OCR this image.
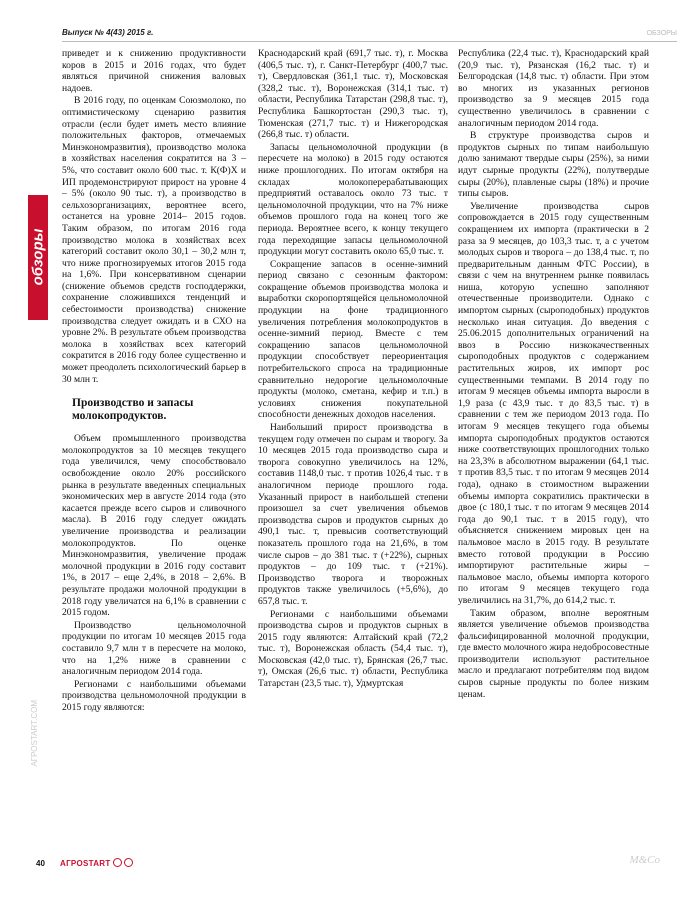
Выпуск № 4(43) 2015 г.	ОБЗОРЫ
обзоры
АГРОSTART.COM

приведет и к снижению продуктивности коров в 2015 и 2016 годах, что будет являться причиной снижения валовых надоев.

В 2016 году, по оценкам Союзмолоко, по оптимистическому сценарию развития отрасли (если будет иметь место влияние положительных факторов, отмечаемых Минэкономразвития), производство молока в хозяйствах населения сократится на 3 – 5%, что составит около 600 тыс. т. К(Ф)Х и ИП продемонстрируют прирост на уровне 4 – 5% (около 90 тыс. т), а производство в сельхозорганизациях, вероятнее всего, останется на уровне 2014– 2015 годов. Таким образом, по итогам 2016 года производство молока в хозяйствах всех категорий составит около 30,1 – 30,2 млн т, что ниже прогнозируемых итогов 2015 года на 1,6%. При консервативном сценарии (снижение объемов средств господдержки, сохранение сложившихся тенденций и себестоимости производства) снижение производства следует ожидать и в СХО на уровне 2%. В результате объем производства молока в хозяйствах всех категорий сократится в 2016 году более существенно и может преодолеть психологический барьер в 30 млн т.

Производство и запасы молокопродуктов.

Объем промышленного производства молокопродуктов за 10 месяцев текущего года увеличился, чему способствовало освобождение около 20% российского рынка в результате введенных специальных экономических мер в августе 2014 года (это касается прежде всего сыров и сливочного масла). В 2016 году следует ожидать увеличение производства и реализации молокопродуктов. По оценке Минэкономразвития, увеличение продаж молочной продукции в 2016 году составит 1%, в 2017 – еще 2,4%, в 2018 – 2,6%. В результате продажи молочной продукции в 2018 году увеличатся на 6,1% в сравнении с 2015 годом.

Производство цельномолочной продукции по итогам 10 месяцев 2015 года составило 9,7 млн т в пересчете на молоко, что на 1,2% ниже в сравнении с аналогичным периодом 2014 года.

Регионами с наибольшими объемами производства цельномолочной продукции в 2015 году являются:

Краснодарский край (691,7 тыс. т), г. Москва (406,5 тыс. т), г. Санкт-Петербург (400,7 тыс. т), Свердловская (361,1 тыс. т), Московская (328,2 тыс. т), Воронежская (314,1 тыс. т) области, Республика Татарстан (298,8 тыс. т), Республика Башкортостан (290,3 тыс. т), Тюменская (271,7 тыс. т) и Нижегородская (266,8 тыс. т) области.

Запасы цельномолочной продукции (в пересчете на молоко) в 2015 году остаются ниже прошлогодних. По итогам октября на складах молокоперерабатывающих предприятий оставалось около 73 тыс. т цельномолочной продукции, что на 7% ниже объемов прошлого года на конец того же периода. Вероятнее всего, к концу текущего года переходящие запасы цельномолочной продукции могут составить около 65,0 тыс. т.

Сокращение запасов в осенне-зимний период связано с сезонным фактором: сокращение объемов производства молока и выработки скоропортящейся цельномолочной продукции на фоне традиционного увеличения потребления молокопродуктов в осенне-зимний период. Вместе с тем сокращению запасов цельномолочной продукции способствует переориентация потребительского спроса на традиционные сравнительно недорогие цельномолочные продукты (молоко, сметана, кефир и т.п.) в условиях снижения покупательной способности денежных доходов населения.

Наибольший прирост производства в текущем году отмечен по сырам и творогу. За 10 месяцев 2015 года производство сыра и творога совокупно увеличилось на 12%, составив 1148,0 тыс. т против 1026,4 тыс. т в аналогичном периоде прошлого года. Указанный прирост в наибольшей степени произошел за счет увеличения объемов производства сыров и продуктов сырных до 490,1 тыс. т, превысив соответствующий показатель прошлого года на 21,6%, в том числе сыров – до 381 тыс. т (+22%), сырных продуктов – до 109 тыс. т (+21%). Производство творога и творожных продуктов также увеличилось (+5,6%), до 657,8 тыс. т.

Регионами с наибольшими объемами производства сыров и продуктов сырных в 2015 году являются: Алтайский край (72,2 тыс. т), Воронежская область (54,4 тыс. т), Московская (42,0 тыс. т), Брянская (26,7 тыс. т), Омская (26,6 тыс. т) области, Республика Татарстан (23,5 тыс. т), Удмуртская

Республика (22,4 тыс. т), Краснодарский край (20,9 тыс. т), Рязанская (16,2 тыс. т) и Белгородская (14,8 тыс. т) области. При этом во многих из указанных регионов производство за 9 месяцев 2015 года существенно увеличилось в сравнении с аналогичным периодом 2014 года.

В структуре производства сыров и продуктов сырных по типам наибольшую долю занимают твердые сыры (25%), за ними идут сырные продукты (22%), полутвердые сыры (20%), плавленые сыры (18%) и прочие типы сыров.

Увеличение производства сыров сопровождается в 2015 году существенным сокращением их импорта (практически в 2 раза за 9 месяцев, до 103,3 тыс. т, а с учетом молодых сыров и творога – до 138,4 тыс. т, по предварительным данным ФТС России), в связи с чем на внутреннем рынке появилась ниша, которую успешно заполняют отечественные производители. Однако с импортом сырных (сыроподобных) продуктов несколько иная ситуация. До введения с 25.06.2015 дополнительных ограничений на ввоз в Россию низкокачественных сыроподобных продуктов с содержанием растительных жиров, их импорт рос существенными темпами. В 2014 году по итогам 9 месяцев объемы импорта выросли в 1,9 раза (с 43,9 тыс. т до 83,5 тыс. т) в сравнении с тем же периодом 2013 года. По итогам 9 месяцев текущего года объемы импорта сыроподобных продуктов остаются ниже соответствующих прошлогодних только на 23,3% в абсолютном выражении (64,1 тыс. т против 83,5 тыс. т по итогам 9 месяцев 2014 года), однако в стоимостном выражении объемы импорта сократились практически в двое (с 180,1 тыс. т по итогам 9 месяцев 2014 года до 90,1 тыс. т в 2015 году), что объясняется снижением мировых цен на пальмовое масло в 2015 году. В результате вместо готовой продукции в Россию импортируют растительные жиры – пальмовое масло, объемы импорта которого по итогам 9 месяцев текущего года увеличились на 31,7%, до 614,2 тыс. т.

Таким образом, вполне вероятным является увеличение объемов производства фальсифицированной молочной продукции, где вместо молочного жира недобросовестные производители используют растительное масло и предлагают потребителям под видом сыров сырные продукты по более низким ценам.

40 АГРОSTART	M&Co
